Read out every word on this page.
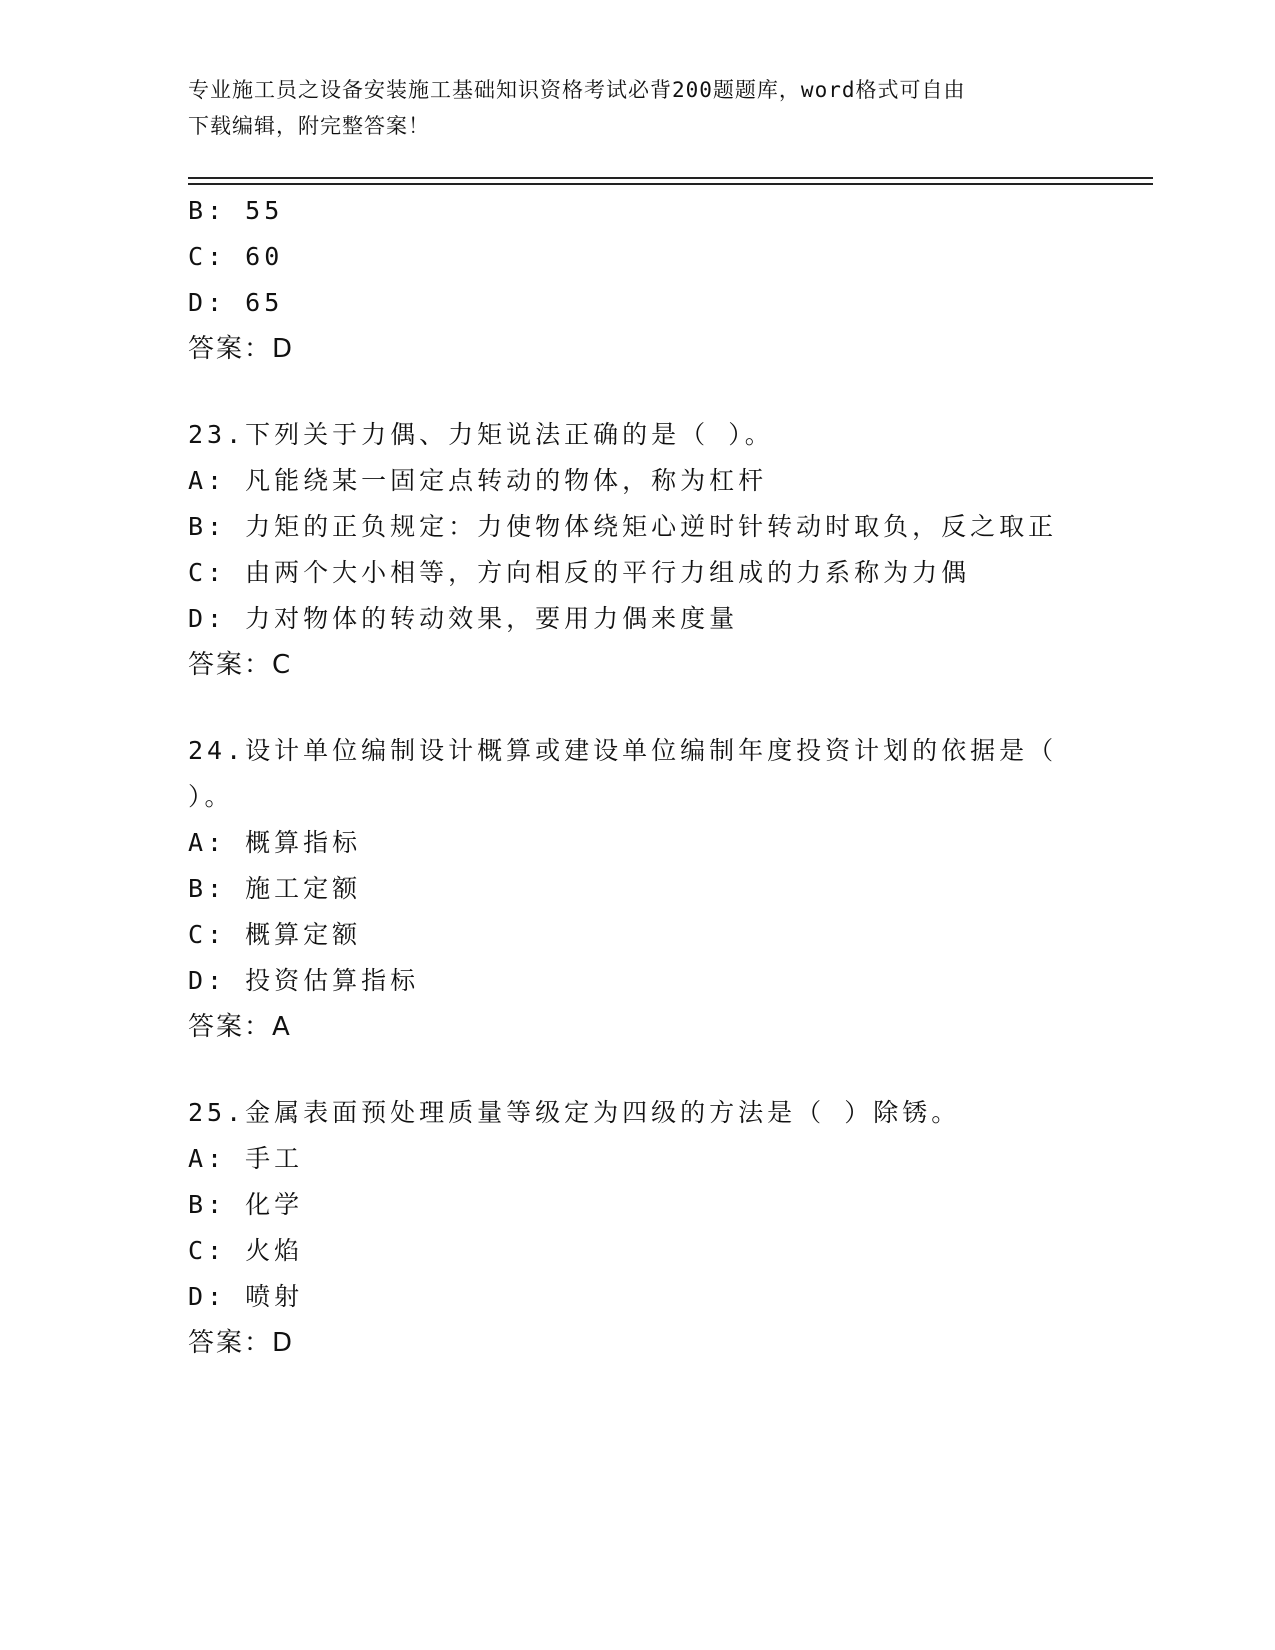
专业施工员之设备安装施工基础知识资格考试必背200题题库，word格式可自由
下载编辑，附完整答案！
B: 55
C: 60
D: 65
答案：D
23.下列关于力偶、力矩说法正确的是（ ）。
A: 凡能绕某一固定点转动的物体，称为杠杆
B: 力矩的正负规定：力使物体绕矩心逆时针转动时取负，反之取正
C: 由两个大小相等，方向相反的平行力组成的力系称为力偶
D: 力对物体的转动效果，要用力偶来度量
答案：C
24.设计单位编制设计概算或建设单位编制年度投资计划的依据是（
）。
A: 概算指标
B: 施工定额
C: 概算定额
D: 投资估算指标
答案：A
25.金属表面预处理质量等级定为四级的方法是（ ）除锈。
A: 手工
B: 化学
C: 火焰
D: 喷射
答案：D
